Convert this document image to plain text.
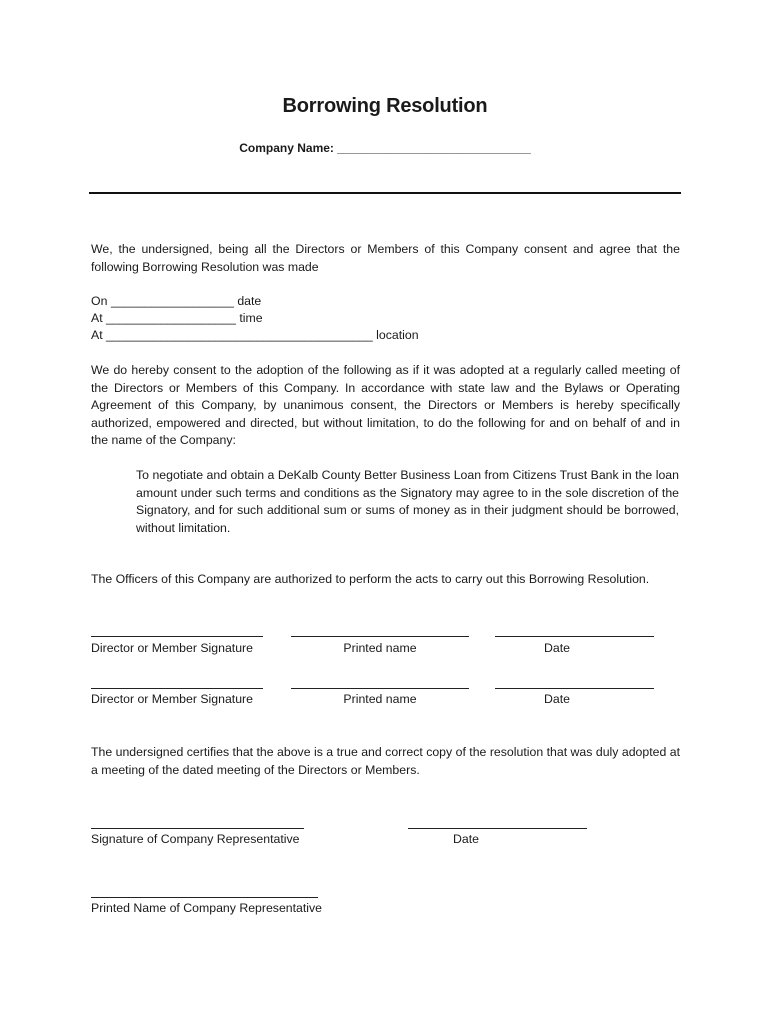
Borrowing Resolution
Company Name: _____________________________
We, the undersigned, being all the Directors or Members of this Company consent and agree that the following Borrowing Resolution was made
On __________________ date
At ___________________ time
At _______________________________________ location
We do hereby consent to the adoption of the following as if it was adopted at a regularly called meeting of the Directors or Members of this Company. In accordance with state law and the Bylaws or Operating Agreement of this Company, by unanimous consent, the Directors or Members is hereby specifically authorized, empowered and directed, but without limitation, to do the following for and on behalf of and in the name of the Company:
To negotiate and obtain a DeKalb County Better Business Loan from Citizens Trust Bank in the loan amount under such terms and conditions as the Signatory may agree to in the sole discretion of the Signatory, and for such additional sum or sums of money as in their judgment should be borrowed, without limitation.
The Officers of this Company are authorized to perform the acts to carry out this Borrowing Resolution.
Director or Member Signature	Printed name	Date
Director or Member Signature	Printed name	Date
The undersigned certifies that the above is a true and correct copy of the resolution that was duly adopted at a meeting of the dated meeting of the Directors or Members.
Signature of Company Representative	Date
Printed Name of Company Representative
